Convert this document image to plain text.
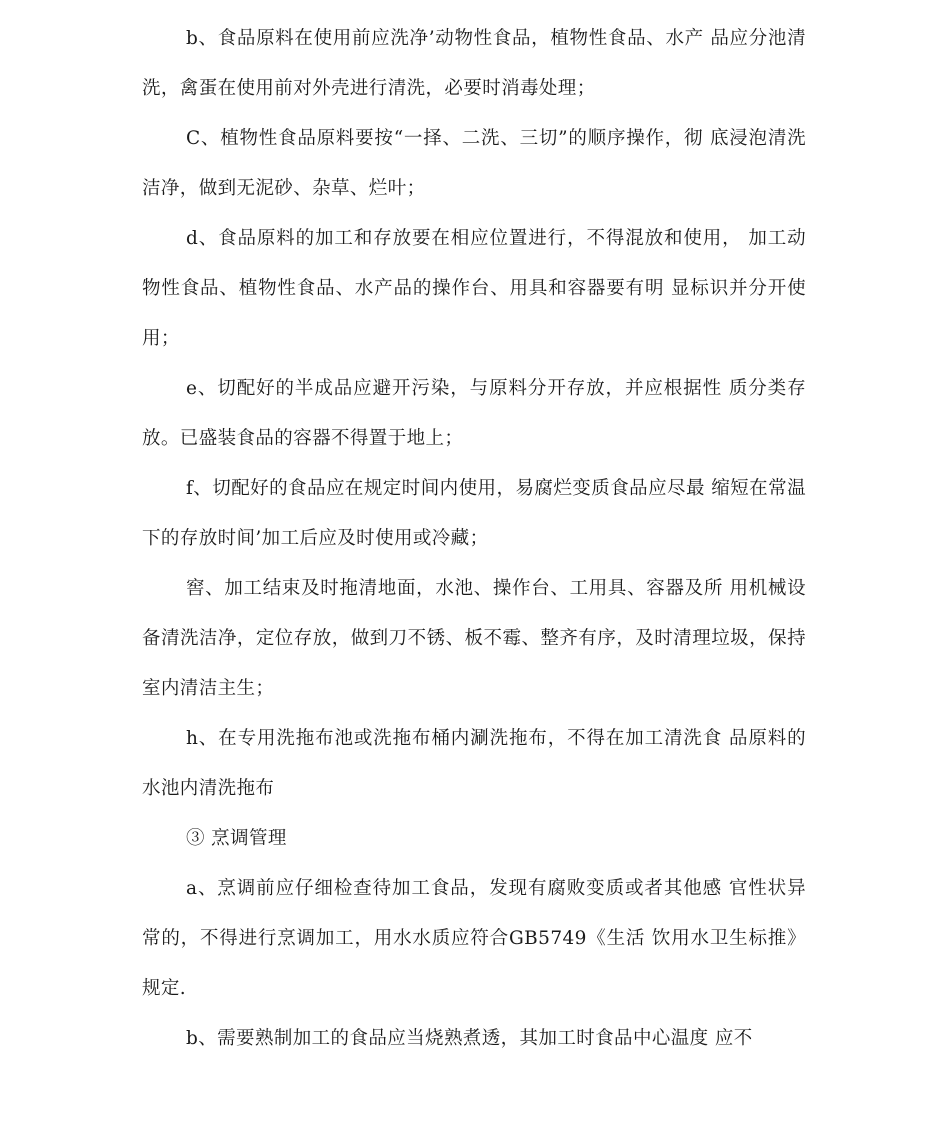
b、食品原料在使用前应洗净’动物性食品，植物性食品、水产 品应分池清洗，禽蛋在使用前对外壳进行清洗，必要时消毒处理；

C、植物性食品原料要按“一择、二洗、三切”的顺序操作，彻 底浸泡清洗洁净，做到无泥砂、杂草、烂叶；

d、食品原料的加工和存放要在相应位置进行，不得混放和使用， 加工动物性食品、植物性食品、水产品的操作台、用具和容器要有明 显标识并分开使用；

e、切配好的半成品应避开污染，与原料分开存放，并应根据性 质分类存放。已盛装食品的容器不得置于地上；

f、切配好的食品应在规定时间内使用，易腐烂变质食品应尽最 缩短在常温下的存放时间’加工后应及时使用或冷藏；

窖、加工结束及时拖清地面，水池、操作台、工用具、容器及所 用机械设备清洗洁净，定位存放，做到刀不锈、板不霉、整齐有序，及时清理垃圾，保持室内清洁主生；

h、在专用洗拖布池或洗拖布桶内涮洗拖布，不得在加工清洗食 品原料的水池内清洗拖布

③ 烹调管理

a、烹调前应仔细检查待加工食品，发现有腐败变质或者其他感 官性状异常的，不得进行烹调加工，用水水质应符合GB5749《生活 饮用水卫生标推》规定.

b、需要熟制加工的食品应当烧熟煮透，其加工时食品中心温度 应不
